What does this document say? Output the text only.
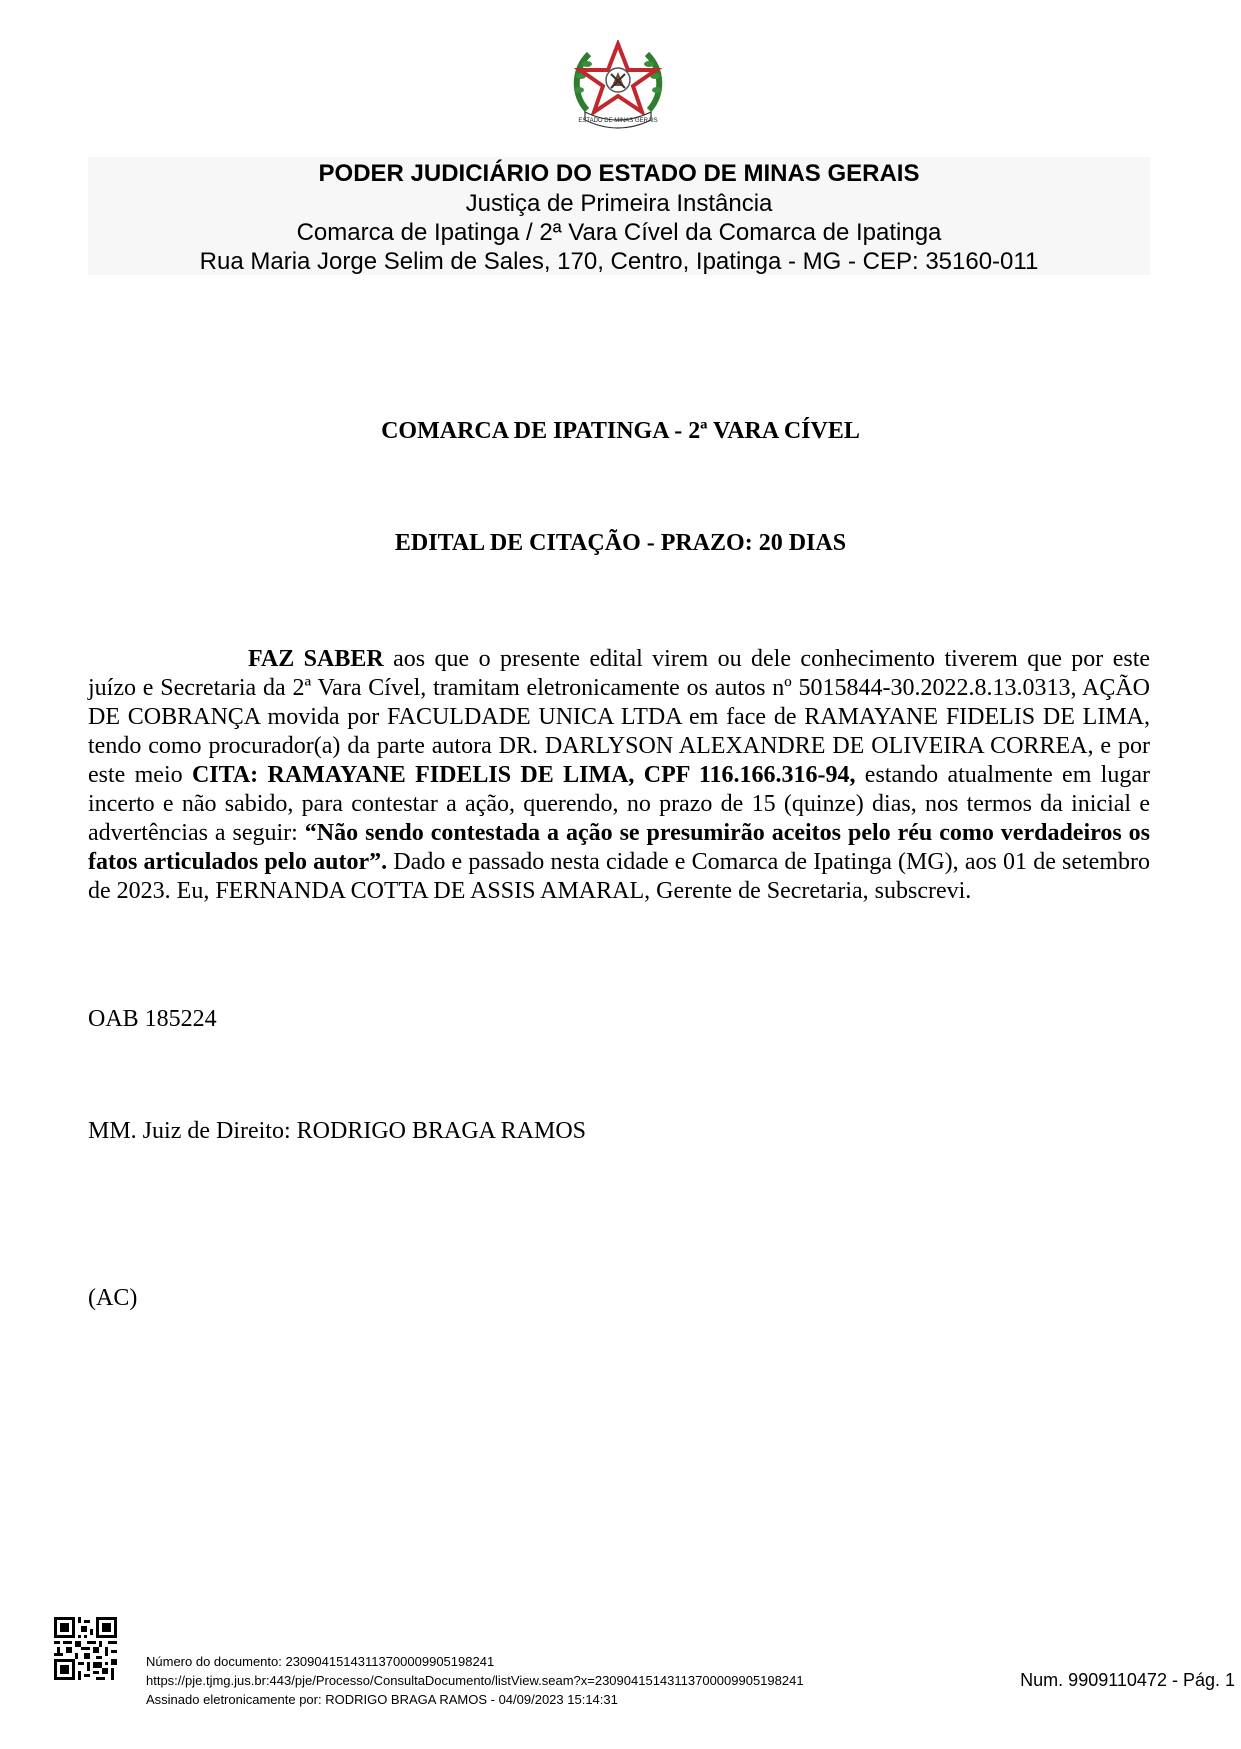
ESTADO DE MINAS GERAIS
PODER JUDICIÁRIO DO ESTADO DE MINAS GERAIS
Justiça de Primeira Instância
Comarca de Ipatinga / 2ª Vara Cível da Comarca de Ipatinga
Rua Maria Jorge Selim de Sales, 170, Centro, Ipatinga - MG - CEP: 35160-011
COMARCA DE IPATINGA - 2ª VARA CÍVEL
EDITAL DE CITAÇÃO - PRAZO: 20 DIAS
FAZ SABER aos que o presente edital virem ou dele conhecimento tiverem que por este juízo e Secretaria da 2ª Vara Cível, tramitam eletronicamente os autos nº 5015844-30.2022.8.13.0313, AÇÃO DE COBRANÇA movida por FACULDADE UNICA LTDA em face de RAMAYANE FIDELIS DE LIMA, tendo como procurador(a) da parte autora DR. DARLYSON ALEXANDRE DE OLIVEIRA CORREA, e por este meio CITA: RAMAYANE FIDELIS DE LIMA, CPF 116.166.316-94, estando atualmente em lugar incerto e não sabido, para contestar a ação, querendo, no prazo de 15 (quinze) dias, nos termos da inicial e advertências a seguir: “Não sendo contestada a ação se presumirão aceitos pelo réu como verdadeiros os fatos articulados pelo autor”. Dado e passado nesta cidade e Comarca de Ipatinga (MG), aos 01 de setembro de 2023. Eu, FERNANDA COTTA DE ASSIS AMARAL, Gerente de Secretaria, subscrevi.
OAB 185224
MM. Juiz de Direito: RODRIGO BRAGA RAMOS
(AC)
Número do documento: 23090415143113700009905198241
https://pje.tjmg.jus.br:443/pje/Processo/ConsultaDocumento/listView.seam?x=23090415143113700009905198241
Assinado eletronicamente por: RODRIGO BRAGA RAMOS - 04/09/2023 15:14:31
Num. 9909110472 - Pág. 1
